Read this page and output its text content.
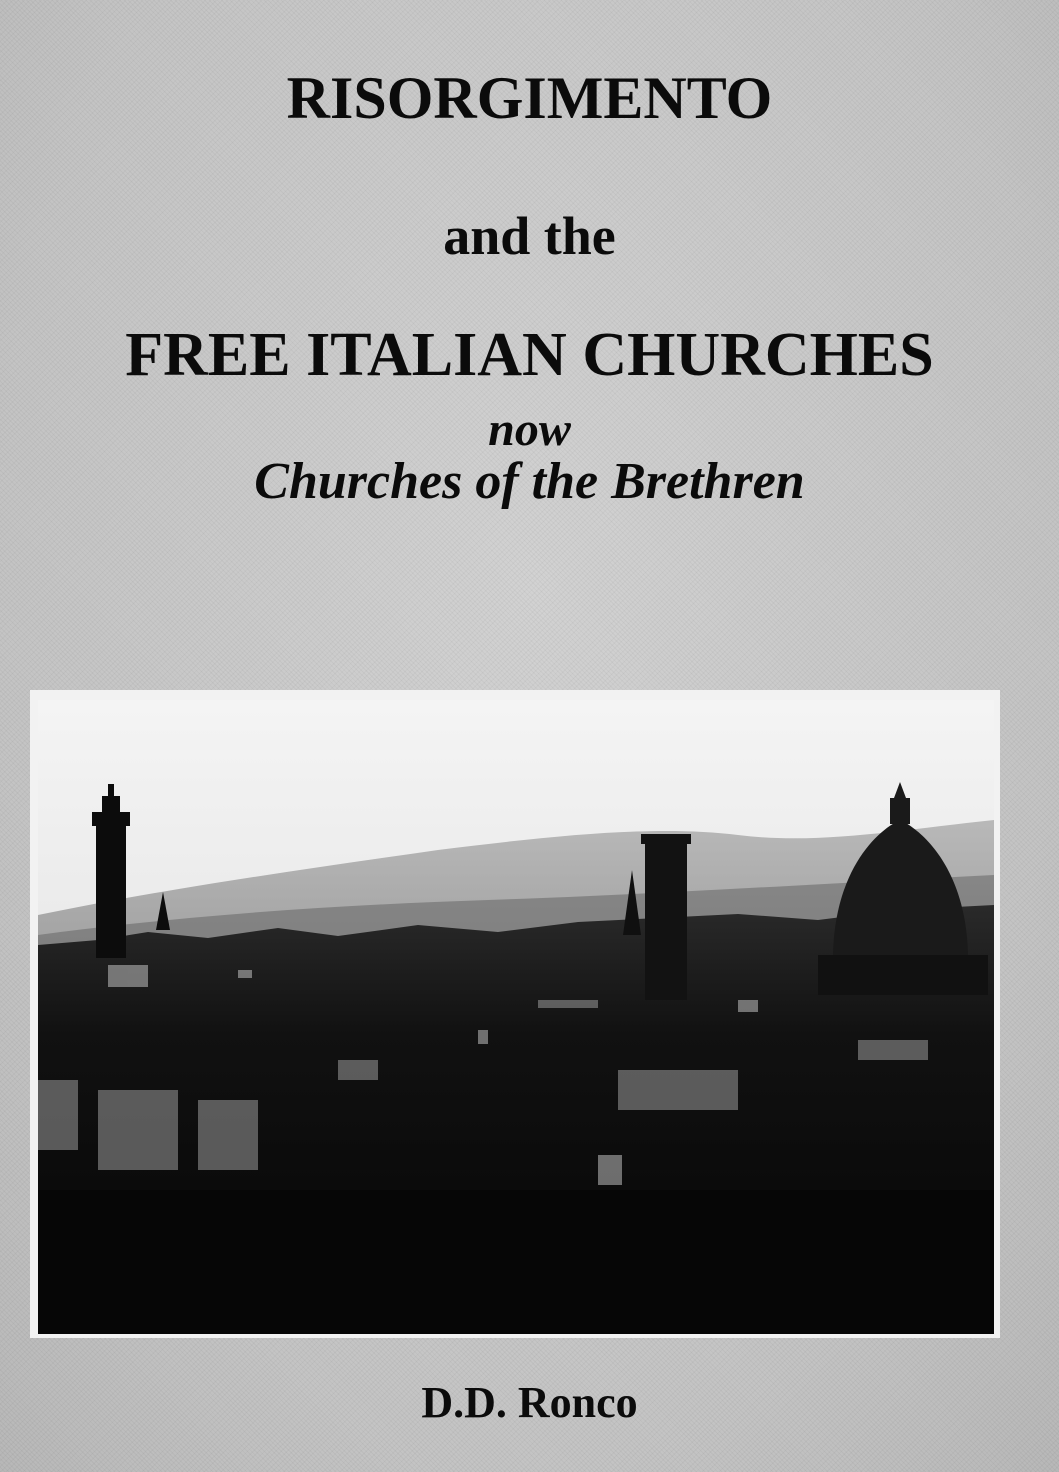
RISORGIMENTO
and the
FREE ITALIAN CHURCHES
now
Churches of the Brethren
D.D. Ronco
